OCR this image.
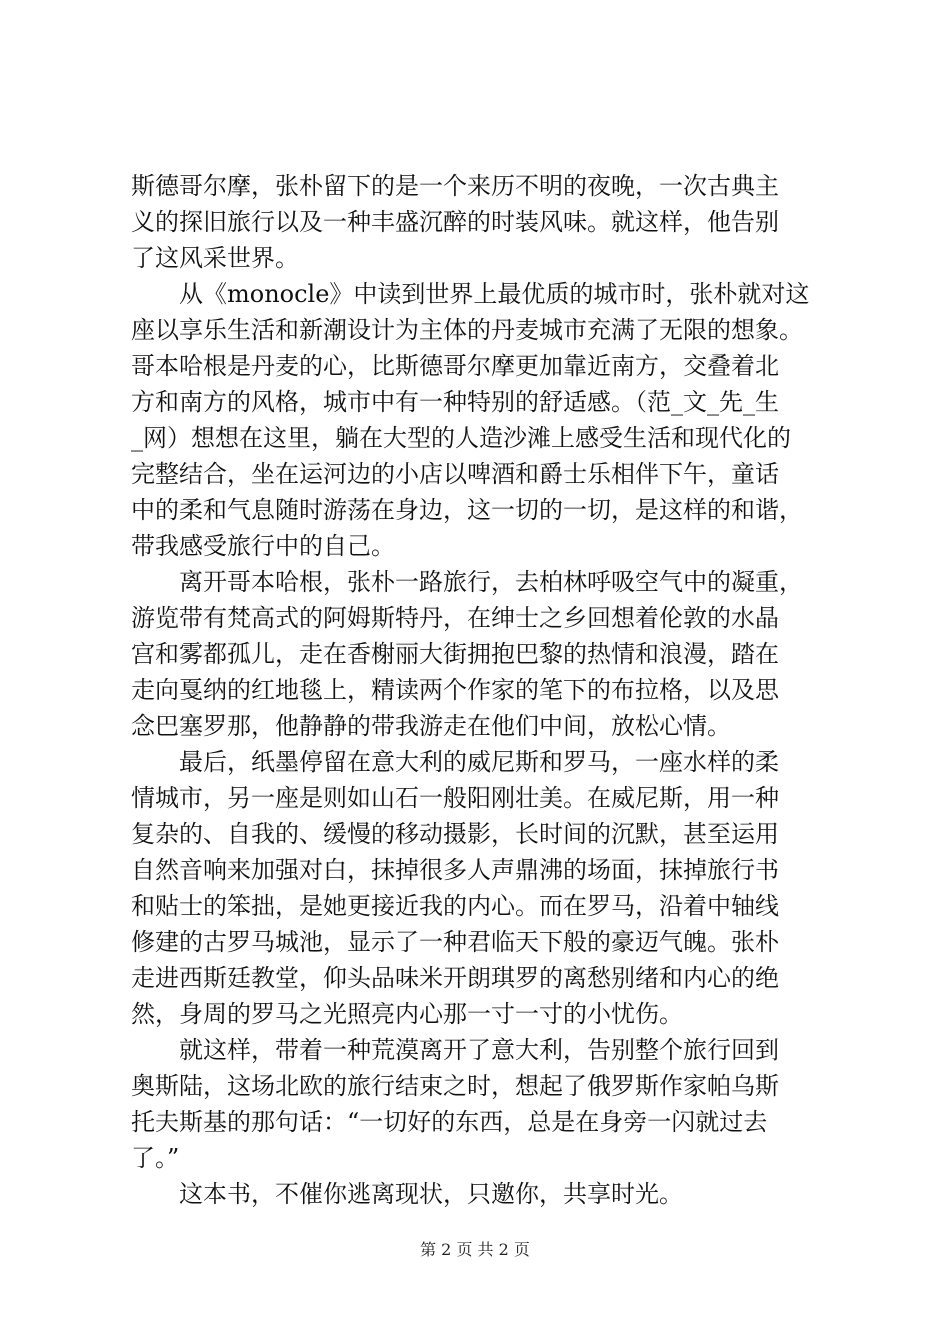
斯德哥尔摩，张朴留下的是一个来历不明的夜晚，一次古典主
义的探旧旅行以及一种丰盛沉醉的时装风味。就这样，他告别
了这风采世界。
　　从《monocle》中读到世界上最优质的城市时，张朴就对这
座以享乐生活和新潮设计为主体的丹麦城市充满了无限的想象。
哥本哈根是丹麦的心，比斯德哥尔摩更加靠近南方，交叠着北
方和南方的风格，城市中有一种特别的舒适感。（范_文_先_生
_网）想想在这里，躺在大型的人造沙滩上感受生活和现代化的
完整结合，坐在运河边的小店以啤酒和爵士乐相伴下午，童话
中的柔和气息随时游荡在身边，这一切的一切，是这样的和谐，
带我感受旅行中的自己。
　　离开哥本哈根，张朴一路旅行，去柏林呼吸空气中的凝重，
游览带有梵高式的阿姆斯特丹，在绅士之乡回想着伦敦的水晶
宫和雾都孤儿，走在香榭丽大街拥抱巴黎的热情和浪漫，踏在
走向戛纳的红地毯上，精读两个作家的笔下的布拉格，以及思
念巴塞罗那，他静静的带我游走在他们中间，放松心情。
　　最后，纸墨停留在意大利的威尼斯和罗马，一座水样的柔
情城市，另一座是则如山石一般阳刚壮美。在威尼斯，用一种
复杂的、自我的、缓慢的移动摄影，长时间的沉默，甚至运用
自然音响来加强对白，抹掉很多人声鼎沸的场面，抹掉旅行书
和贴士的笨拙，是她更接近我的内心。而在罗马，沿着中轴线
修建的古罗马城池，显示了一种君临天下般的豪迈气魄。张朴
走进西斯廷教堂，仰头品味米开朗琪罗的离愁别绪和内心的绝
然，身周的罗马之光照亮内心那一寸一寸的小忧伤。
　　就这样，带着一种荒漠离开了意大利，告别整个旅行回到
奥斯陆，这场北欧的旅行结束之时，想起了俄罗斯作家帕乌斯
托夫斯基的那句话：“一切好的东西，总是在身旁一闪就过去
了。”
　　这本书，不催你逃离现状，只邀你，共享时光。
第 2 页 共 2 页
